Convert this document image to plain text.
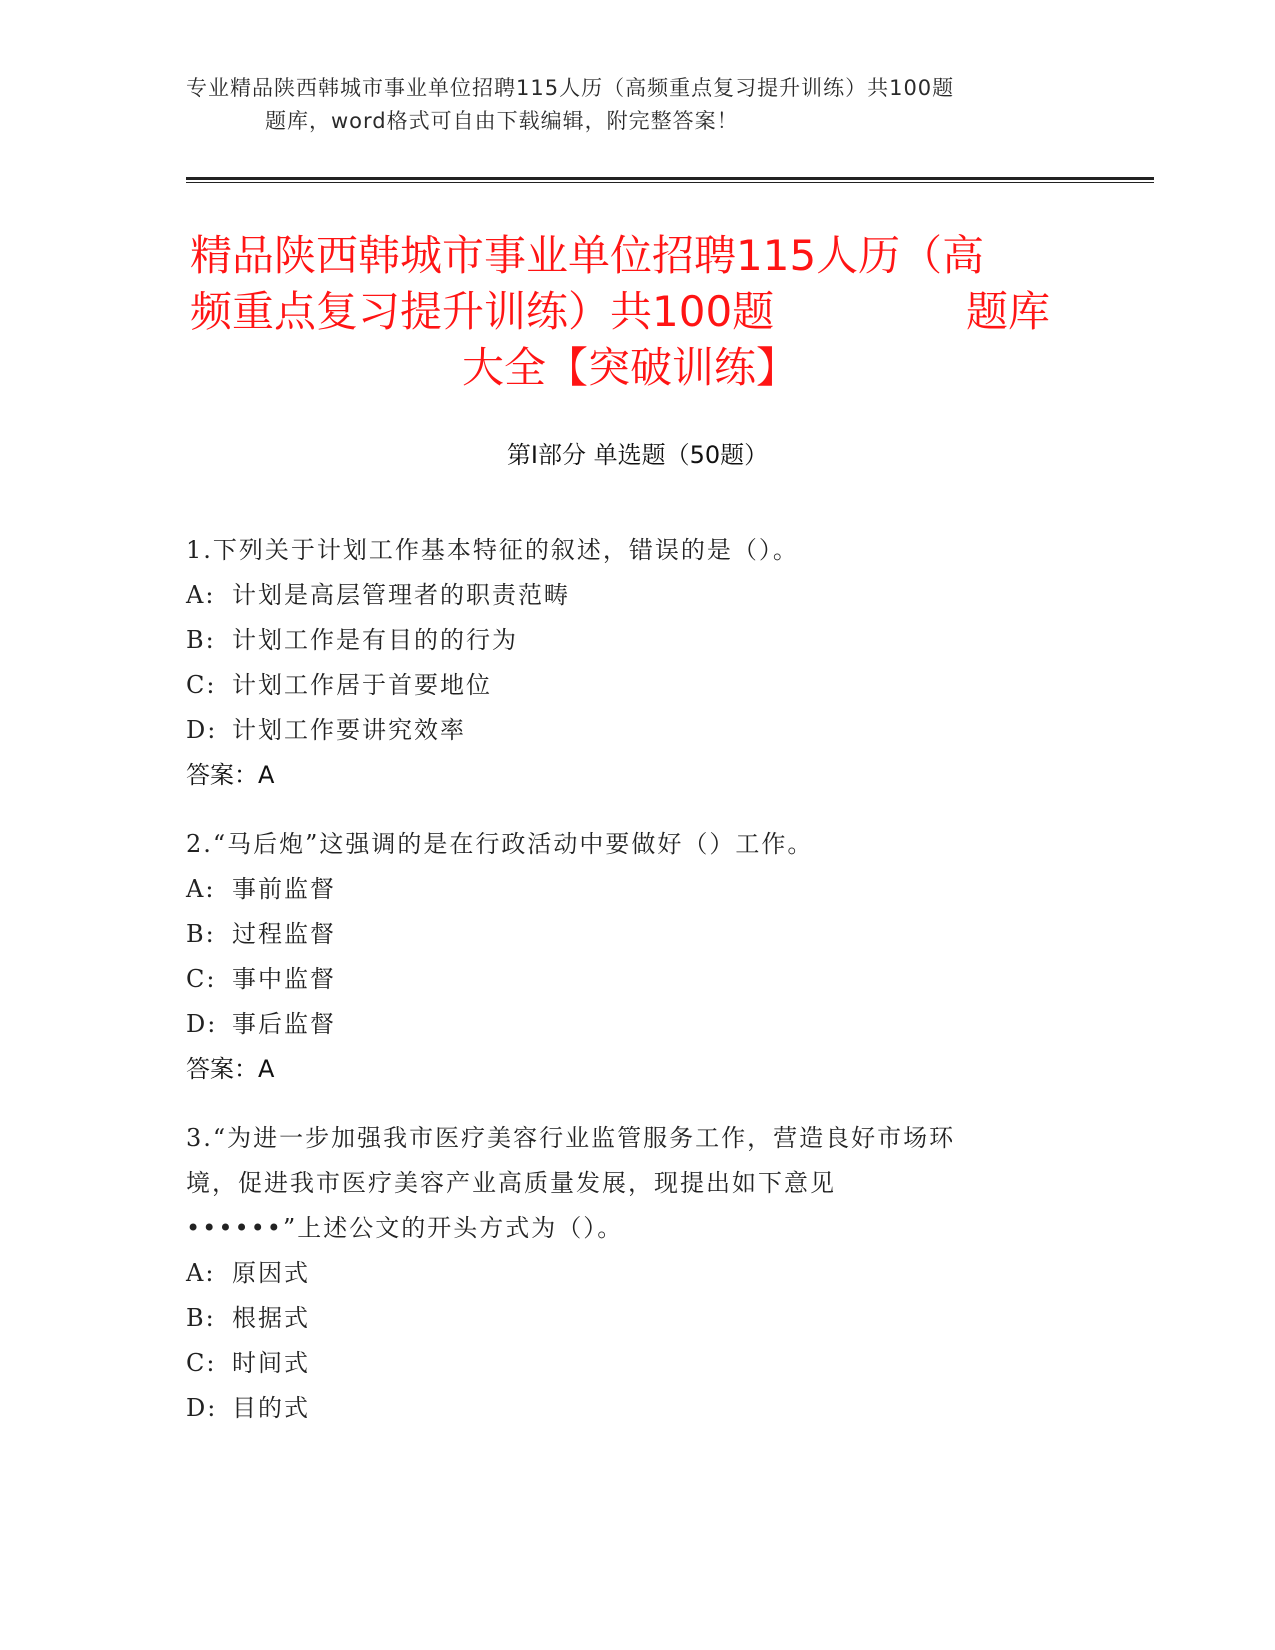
专业精品陕西韩城市事业单位招聘115人历（高频重点复习提升训练）共100题
题库，word格式可自由下载编辑，附完整答案！
精品陕西韩城市事业单位招聘115人历（高
频重点复习提升训练）共100题	题库
大全【突破训练】
第Ⅰ部分 单选题（50题）
1.下列关于计划工作基本特征的叙述，错误的是（）。
A: 计划是高层管理者的职责范畴
B: 计划工作是有目的的行为
C: 计划工作居于首要地位
D: 计划工作要讲究效率
答案：A
2.“马后炮”这强调的是在行政活动中要做好（）工作。
A: 事前监督
B: 过程监督
C: 事中监督
D: 事后监督
答案：A
3.“为进一步加强我市医疗美容行业监管服务工作，营造良好市场环
境，促进我市医疗美容产业高质量发展，现提出如下意见
••••••”上述公文的开头方式为（）。
A: 原因式
B: 根据式
C: 时间式
D: 目的式
